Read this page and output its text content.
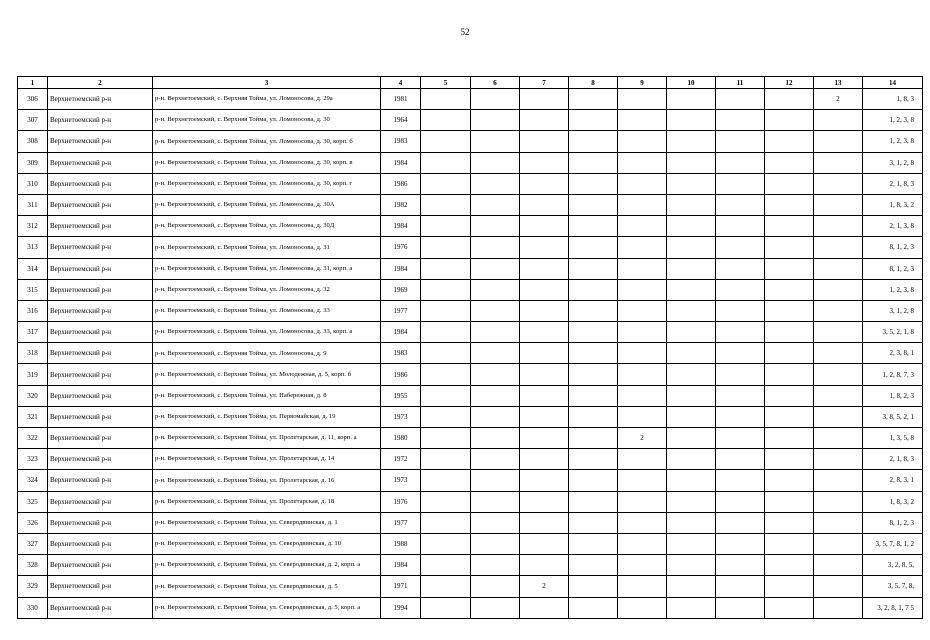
52
1	2	3	4	5	6	7	8	9	10	11	12	13	14
306	Верхнетоемский р-н	р-н. Верхнетоемский, с. Верхняя Тойма, ул. Ломоносова, д. 29а	1981									2	1, 8, 3
307	Верхнетоемский р-н	р-н. Верхнетоемский, с. Верхняя Тойма, ул. Ломоносова, д. 30	1964										1, 2, 3, 8
308	Верхнетоемский р-н	р-н. Верхнетоемский, с. Верхняя Тойма, ул. Ломоносова, д. 30, корп. б	1983										1, 2, 3, 8
309	Верхнетоемский р-н	р-н. Верхнетоемский, с. Верхняя Тойма, ул. Ломоносова, д. 30, корп. в	1984										3, 1, 2, 8
310	Верхнетоемский р-н	р-н. Верхнетоемский, с. Верхняя Тойма, ул. Ломоносова, д. 30, корп. г	1986										2, 1, 8, 3
311	Верхнетоемский р-н	р-н. Верхнетоемский, с. Верхняя Тойма, ул. Ломоносова, д. 30А	1982										1, 8, 3, 2
312	Верхнетоемский р-н	р-н. Верхнетоемский, с. Верхняя Тойма, ул. Ломоносова, д. 30Д	1984										2, 1, 3, 8
313	Верхнетоемский р-н	р-н. Верхнетоемский, с. Верхняя Тойма, ул. Ломоносова, д. 31	1976										8, 1, 2, 3
314	Верхнетоемский р-н	р-н. Верхнетоемский, с. Верхняя Тойма, ул. Ломоносова, д. 31, корп. а	1984										8, 1, 2, 3
315	Верхнетоемский р-н	р-н. Верхнетоемский, с. Верхняя Тойма, ул. Ломоносова, д. 32	1969										1, 2, 3, 8
316	Верхнетоемский р-н	р-н. Верхнетоемский, с. Верхняя Тойма, ул. Ломоносова, д. 33	1977										3, 1, 2, 8
317	Верхнетоемский р-н	р-н. Верхнетоемский, с. Верхняя Тойма, ул. Ломоносова, д. 33, корп. а	1984										3, 5, 2, 1, 8
318	Верхнетоемский р-н	р-н. Верхнетоемский, с. Верхняя Тойма, ул. Ломоносова, д. 9	1983										2, 3, 8, 1
319	Верхнетоемский р-н	р-н. Верхнетоемский, с. Верхняя Тойма, ул. Молодежная, д. 5, корп. б	1986										1, 2, 8, 7, 3
320	Верхнетоемский р-н	р-н. Верхнетоемский, с. Верхняя Тойма, ул. Набережная, д. 8	1955										1, 8, 2, 3
321	Верхнетоемский р-н	р-н. Верхнетоемский, с. Верхняя Тойма, ул. Первомайская, д. 19	1973										3, 8, 5, 2, 1
322	Верхнетоемский р-н	р-н. Верхнетоемский, с. Верхняя Тойма, ул. Пролетарская, д. 11, корп. а	1980					2					1, 3, 5, 8
323	Верхнетоемский р-н	р-н. Верхнетоемский, с. Верхняя Тойма, ул. Пролетарская, д. 14	1972										2, 1, 8, 3
324	Верхнетоемский р-н	р-н. Верхнетоемский, с. Верхняя Тойма, ул. Пролетарская, д. 16	1973										2, 8, 3, 1
325	Верхнетоемский р-н	р-н. Верхнетоемский, с. Верхняя Тойма, ул. Пролетарская, д. 18	1976										1, 8, 3, 2
326	Верхнетоемский р-н	р-н. Верхнетоемский, с. Верхняя Тойма, ул. Северодвинская, д. 1	1977										8, 1, 2, 3
327	Верхнетоемский р-н	р-н. Верхнетоемский, с. Верхняя Тойма, ул. Северодвинская, д. 10	1988										3, 5, 7, 8, 1, 2
328	Верхнетоемский р-н	р-н. Верхнетоемский, с. Верхняя Тойма, ул. Северодвинская, д. 2, корп. а	1984										3, 2, 8, 5,
329	Верхнетоемский р-н	р-н. Верхнетоемский, с. Верхняя Тойма, ул. Северодвинская, д. 5	1971			2							3, 5, 7, 8,
330	Верхнетоемский р-н	р-н. Верхнетоемский, с. Верхняя Тойма, ул. Северодвинская, д. 5, корп. а	1994										3, 2, 8, 1, 7 5
